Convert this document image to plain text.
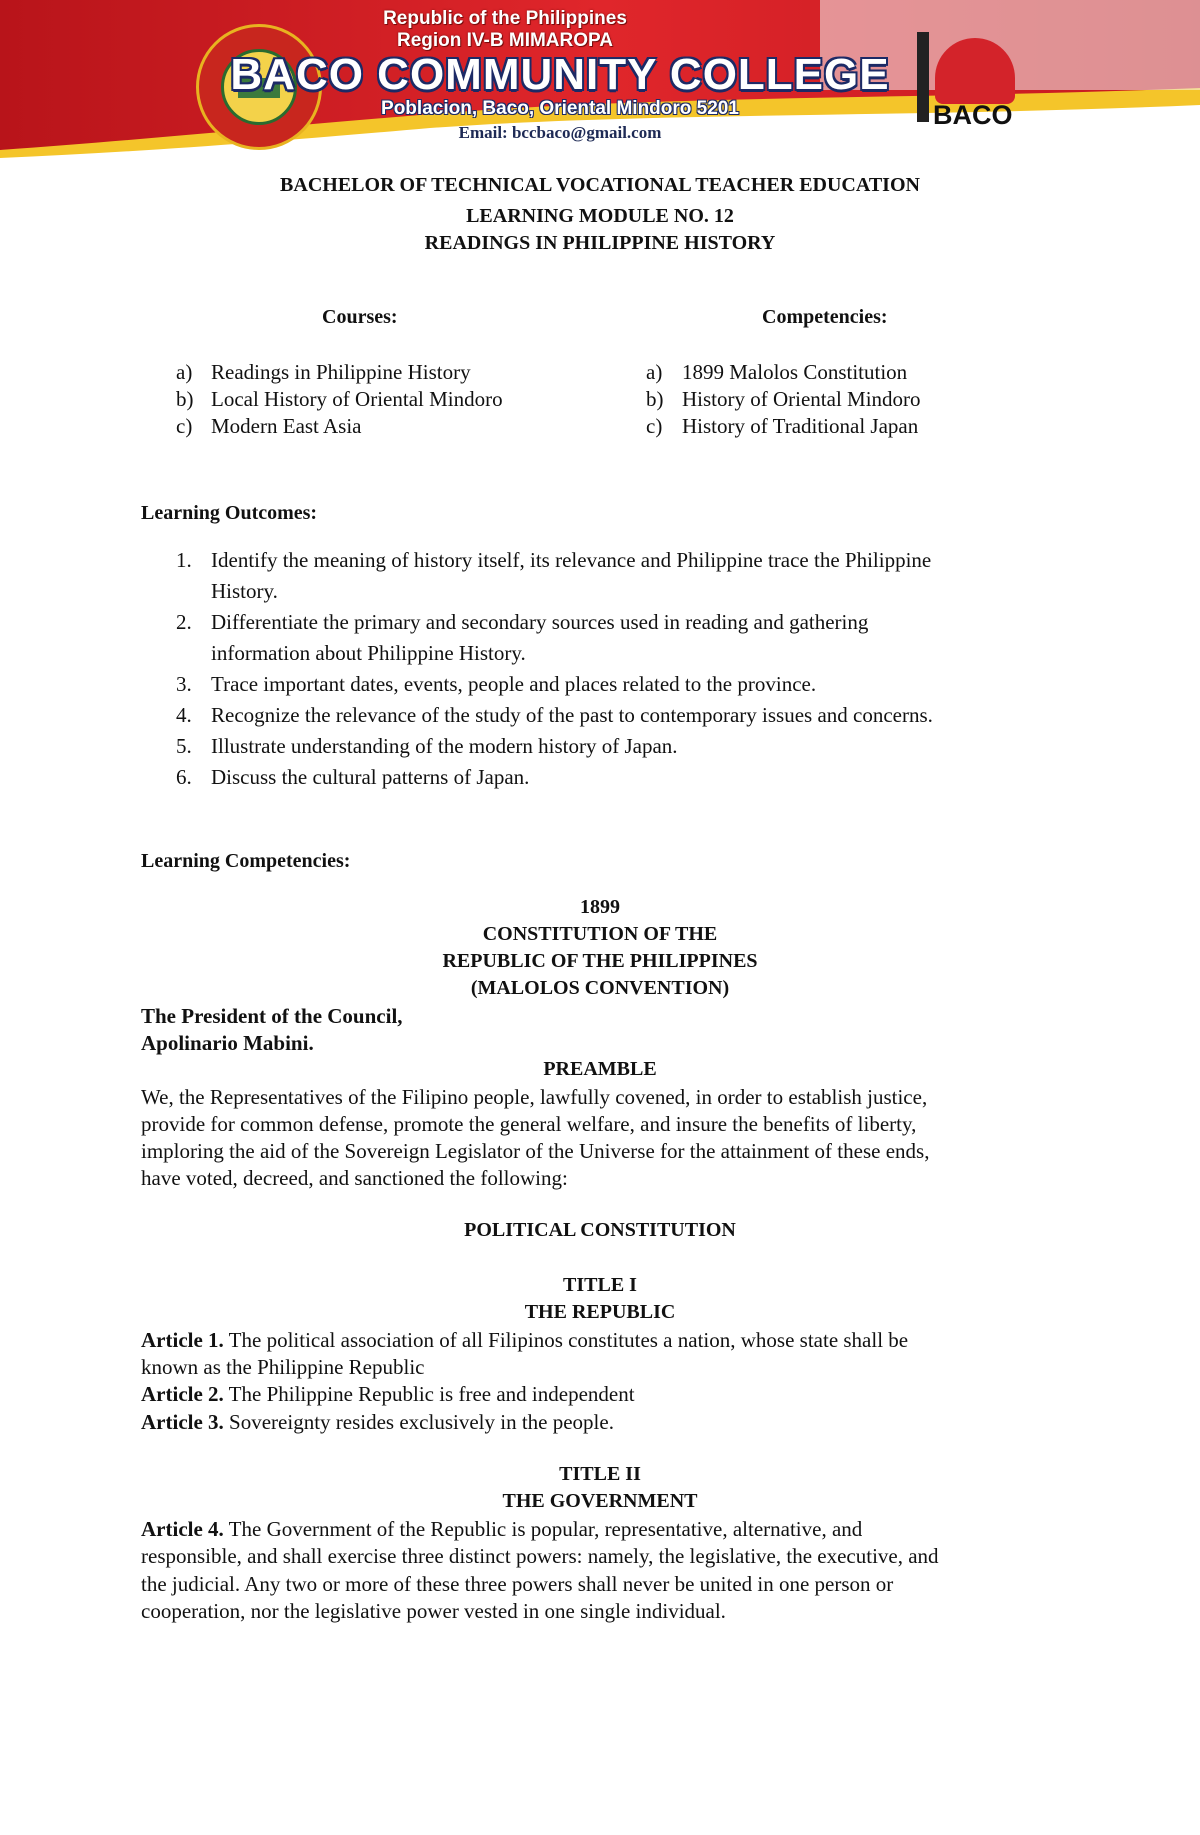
Republic of the Philippines
Region IV-B MIMAROPA
BACO COMMUNITY COLLEGE
Poblacion, Baco, Oriental Mindoro 5201
Email: bccbaco@gmail.com
BACO
BACHELOR OF TECHNICAL VOCATIONAL TEACHER EDUCATION
LEARNING MODULE NO. 12
READINGS IN PHILIPPINE HISTORY
Courses:	Competencies:
a) Readings in Philippine History
b) Local History of Oriental Mindoro
c) Modern East Asia
a) 1899 Malolos Constitution
b) History of Oriental Mindoro
c) History of Traditional Japan
Learning Outcomes:
1. Identify the meaning of history itself, its relevance and Philippine trace the Philippine
History.
2. Differentiate the primary and secondary sources used in reading and gathering
information about Philippine History.
3. Trace important dates, events, people and places related to the province.
4. Recognize the relevance of the study of the past to contemporary issues and concerns.
5. Illustrate understanding of the modern history of Japan.
6. Discuss the cultural patterns of Japan.
Learning Competencies:
1899
CONSTITUTION OF THE
REPUBLIC OF THE PHILIPPINES
(MALOLOS CONVENTION)
The President of the Council,
Apolinario Mabini.
PREAMBLE
We, the Representatives of the Filipino people, lawfully covened, in order to establish justice,
provide for common defense, promote the general welfare, and insure the benefits of liberty,
imploring the aid of the Sovereign Legislator of the Universe for the attainment of these ends,
have voted, decreed, and sanctioned the following:
POLITICAL CONSTITUTION
TITLE I
THE REPUBLIC
Article 1. The political association of all Filipinos constitutes a nation, whose state shall be
known as the Philippine Republic
Article 2. The Philippine Republic is free and independent
Article 3. Sovereignty resides exclusively in the people.
TITLE II
THE GOVERNMENT
Article 4. The Government of the Republic is popular, representative, alternative, and
responsible, and shall exercise three distinct powers: namely, the legislative, the executive, and
the judicial. Any two or more of these three powers shall never be united in one person or
cooperation, nor the legislative power vested in one single individual.
